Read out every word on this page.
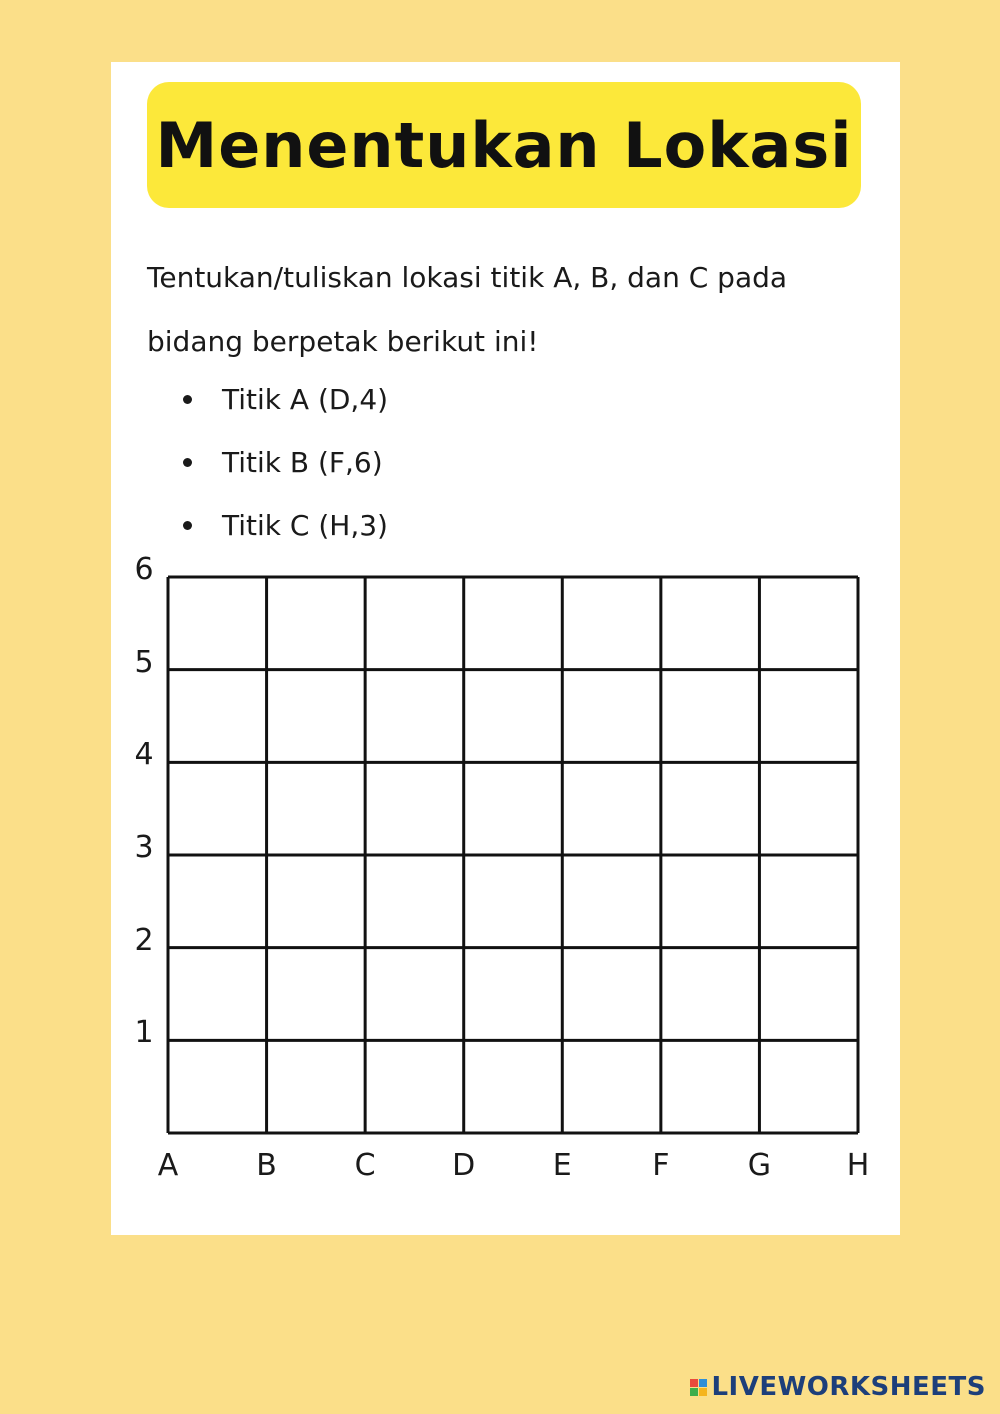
Menentukan Lokasi
Tentukan/tuliskan lokasi titik A, B, dan C pada
bidang berpetak berikut ini!
Titik A (D,4)
Titik B (F,6)
Titik C (H,3)
A	B	C	D	E	F	G	H
1
2
3
4
5
6
LIVEWORKSHEETS
